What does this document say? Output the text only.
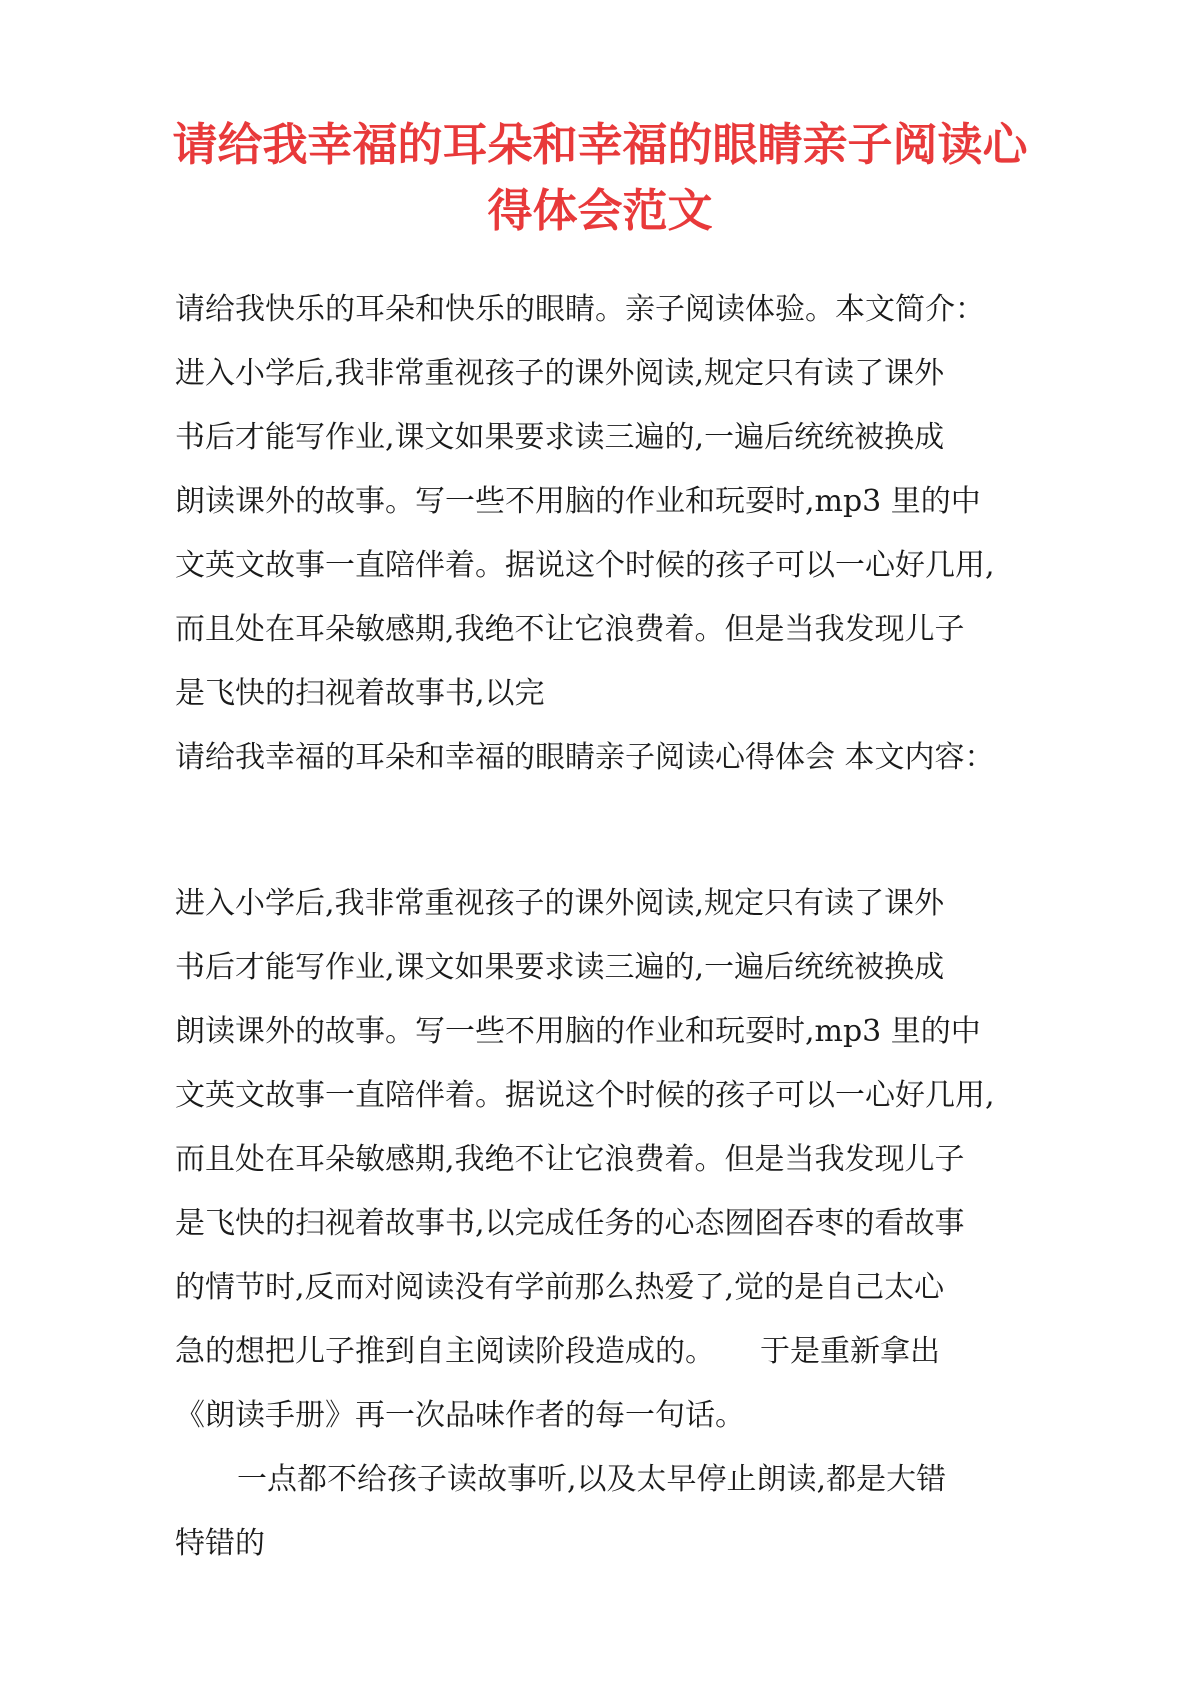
请给我幸福的耳朵和幸福的眼睛亲子阅读心
得体会范文
请给我快乐的耳朵和快乐的眼睛。亲子阅读体验。本文简介：
进入小学后,我非常重视孩子的课外阅读,规定只有读了课外
书后才能写作业,课文如果要求读三遍的,一遍后统统被换成
朗读课外的故事。写一些不用脑的作业和玩耍时,mp3 里的中
文英文故事一直陪伴着。据说这个时候的孩子可以一心好几用,
而且处在耳朵敏感期,我绝不让它浪费着。但是当我发现儿子
是飞快的扫视着故事书,以完
请给我幸福的耳朵和幸福的眼睛亲子阅读心得体会 本文内容：
进入小学后,我非常重视孩子的课外阅读,规定只有读了课外
书后才能写作业,课文如果要求读三遍的,一遍后统统被换成
朗读课外的故事。写一些不用脑的作业和玩耍时,mp3 里的中
文英文故事一直陪伴着。据说这个时候的孩子可以一心好几用,
而且处在耳朵敏感期,我绝不让它浪费着。但是当我发现儿子
是飞快的扫视着故事书,以完成任务的心态囫囵吞枣的看故事
的情节时,反而对阅读没有学前那么热爱了,觉的是自己太心
急的想把儿子推到自主阅读阶段造成的。　　于是重新拿出
《朗读手册》再一次品味作者的每一句话。
一点都不给孩子读故事听,以及太早停止朗读,都是大错
特错的
